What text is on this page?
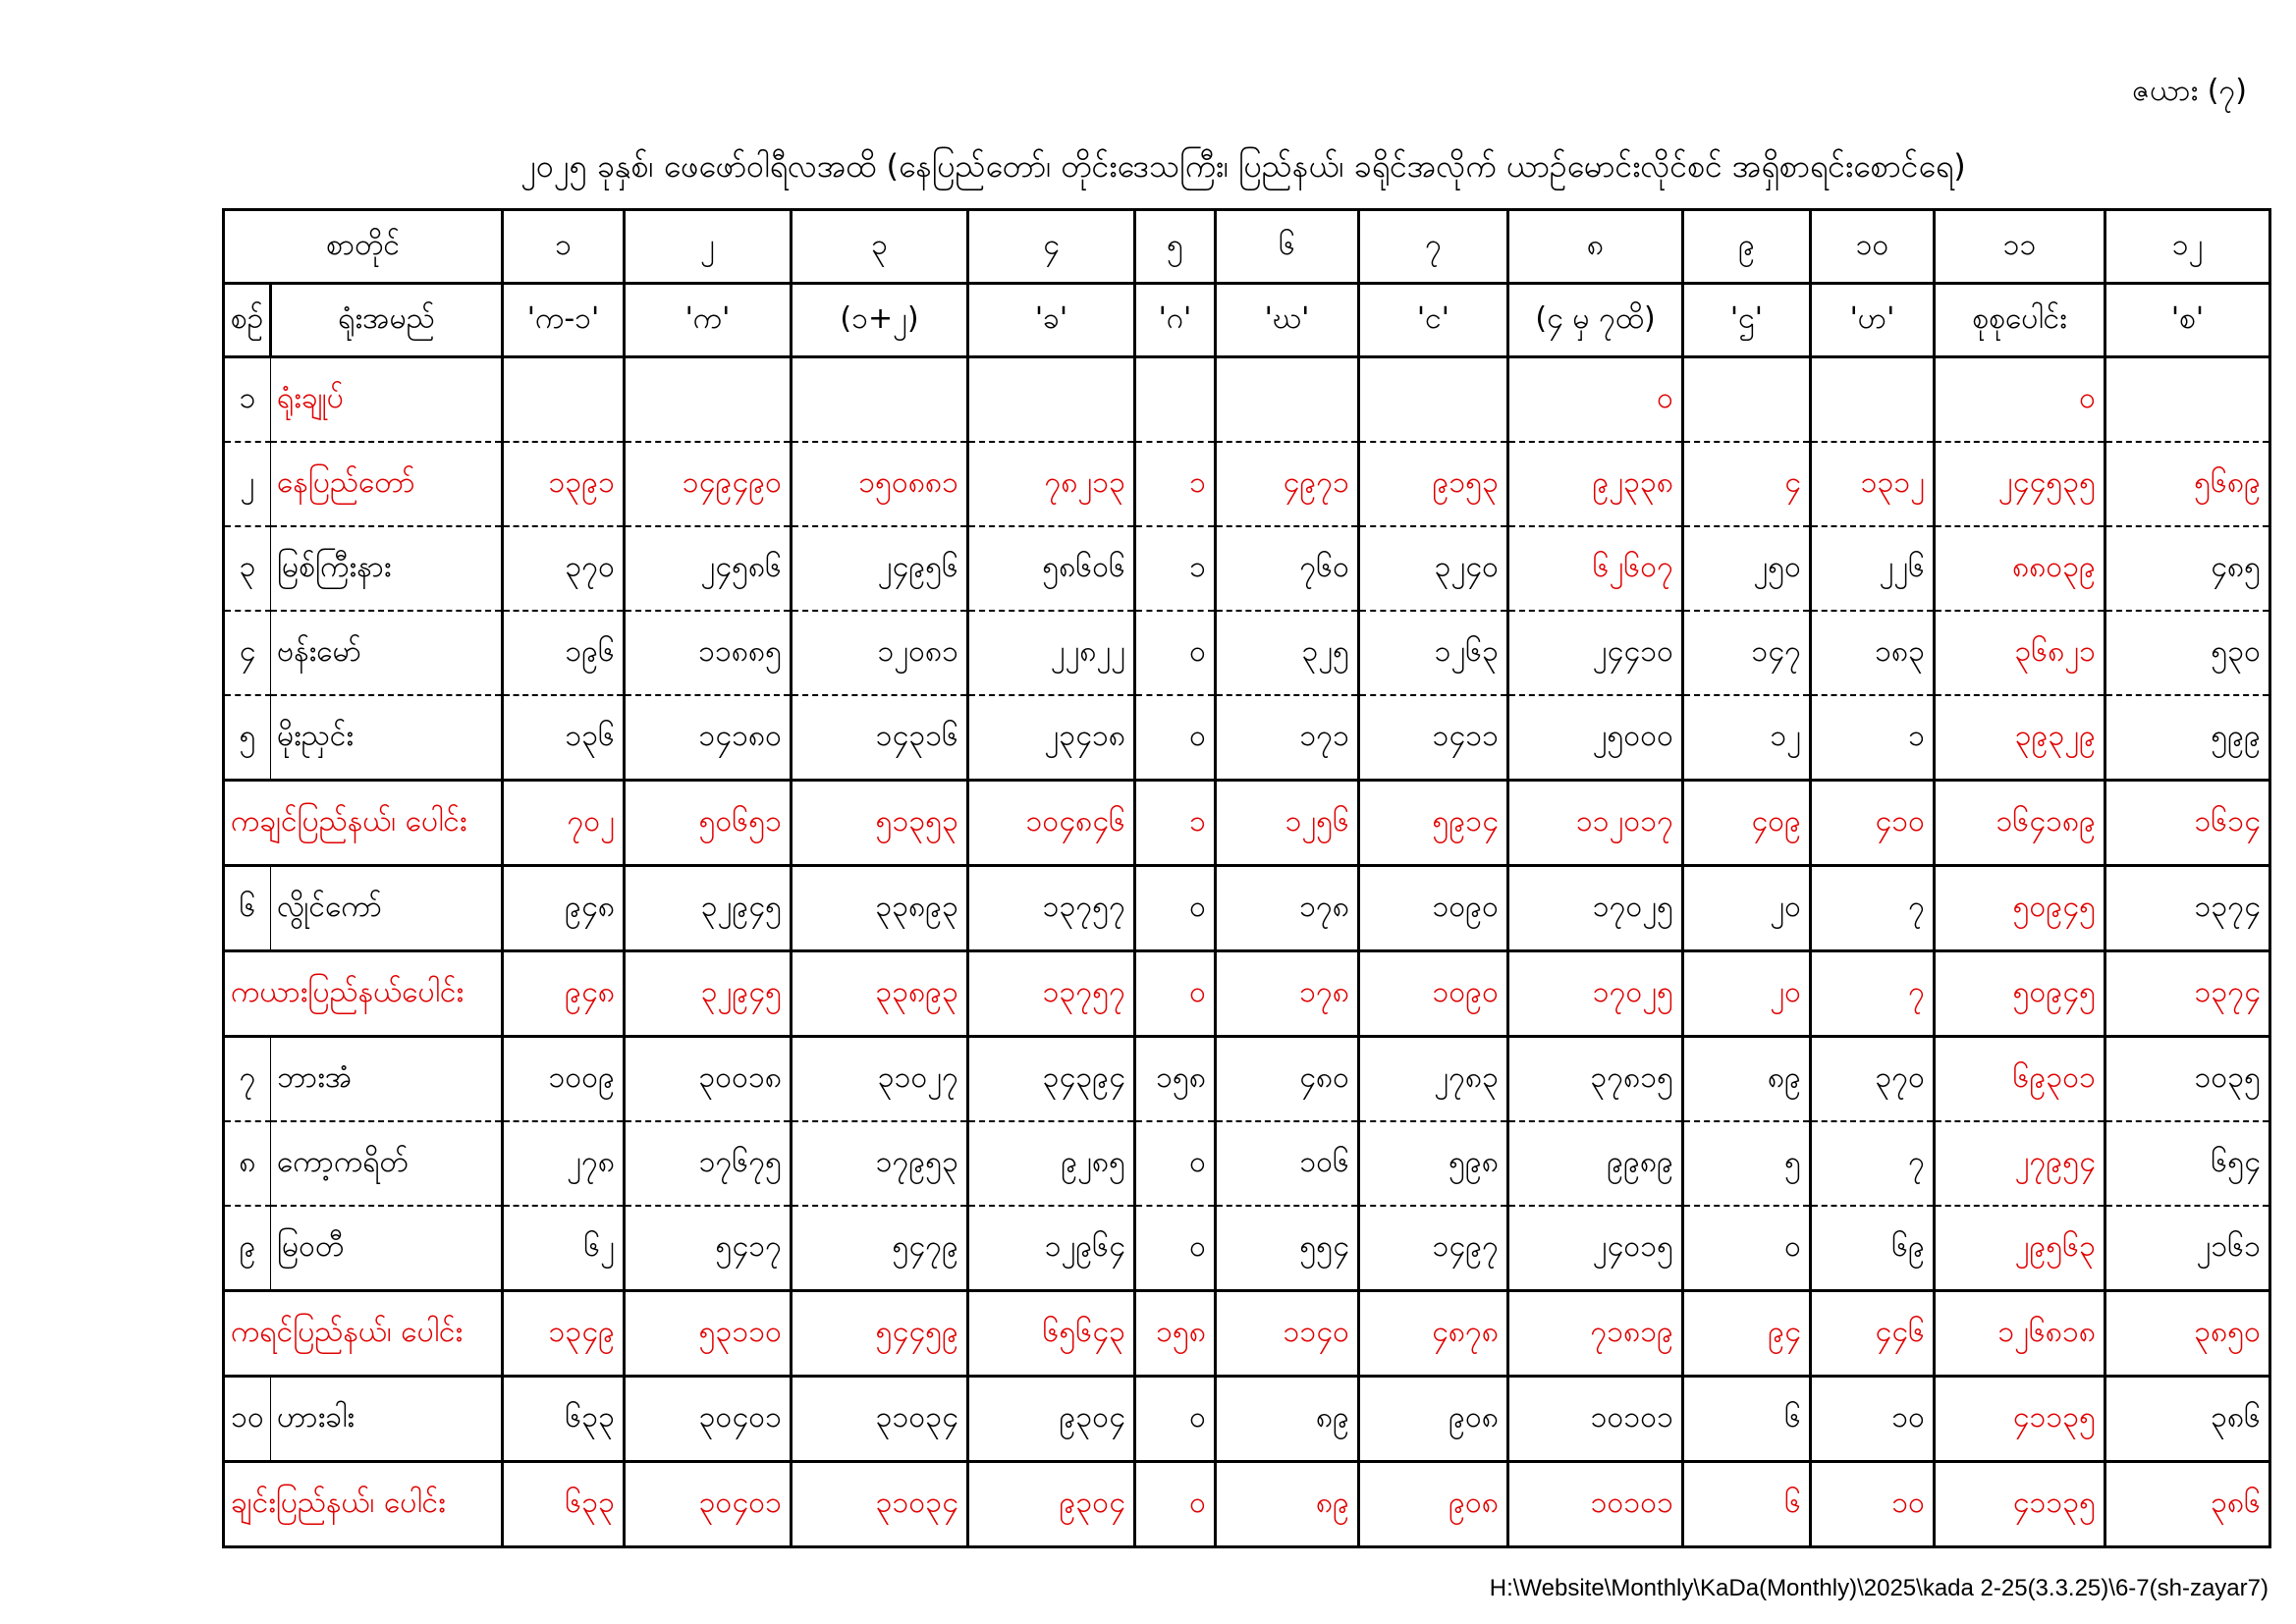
ဇယား (၇)
၂၀၂၅ ခုနှစ်၊ ဖေဖော်ဝါရီလအထိ (နေပြည်တော်၊ တိုင်းဒေသကြီး၊ ပြည်နယ်၊ ခရိုင်အလိုက် ယာဉ်မောင်းလိုင်စင် အရှိစာရင်းစောင်ရေ)
စာတိုင်		၁	၂	၃	၄	၅	၆	၇	၈	၉	၁၀	၁၁	၁၂
စဉ်	ရုံးအမည်	'က-၁'	'က'	(၁+၂)	'ခ'	'ဂ'	'ဃ'	'င'	(၄ မှ ၇ထိ)	'ဌ'	'ဟ'	စုစုပေါင်း	'စ'
၁	ရုံးချုပ်								၀			၀	
၂	နေပြည်တော်	၁၃၉၁	၁၄၉၄၉၀	၁၅၀၈၈၁	၇၈၂၁၃	၁	၄၉၇၁	၉၁၅၃	၉၂၃၃၈	၄	၁၃၁၂	၂၄၄၅၃၅	၅၆၈၉
၃	မြစ်ကြီးနား	၃၇၀	၂၄၅၈၆	၂၄၉၅၆	၅၈၆၀၆	၁	၇၆၀	၃၂၄၀	၆၂၆၀၇	၂၅၀	၂၂၆	၈၈၀၃၉	၄၈၅
၄	ဗန်းမော်	၁၉၆	၁၁၈၈၅	၁၂၀၈၁	၂၂၈၂၂	၀	၃၂၅	၁၂၆၃	၂၄၄၁၀	၁၄၇	၁၈၃	၃၆၈၂၁	၅၃၀
၅	မိုးညှင်း	၁၃၆	၁၄၁၈၀	၁၄၃၁၆	၂၃၄၁၈	၀	၁၇၁	၁၄၁၁	၂၅၀၀၀	၁၂	၁	၃၉၃၂၉	၅၉၉
ကချင်ပြည်နယ်၊ ပေါင်း		၇၀၂	၅၀၆၅၁	၅၁၃၅၃	၁၀၄၈၄၆	၁	၁၂၅၆	၅၉၁၄	၁၁၂၀၁၇	၄၀၉	၄၁၀	၁၆၄၁၈၉	၁၆၁၄
၆	လွိုင်ကော်	၉၄၈	၃၂၉၄၅	၃၃၈၉၃	၁၃၇၅၇	၀	၁၇၈	၁၀၉၀	၁၇၀၂၅	၂၀	၇	၅၀၉၄၅	၁၃၇၄
ကယားပြည်နယ်ပေါင်း		၉၄၈	၃၂၉၄၅	၃၃၈၉၃	၁၃၇၅၇	၀	၁၇၈	၁၀၉၀	၁၇၀၂၅	၂၀	၇	၅၀၉၄၅	၁၃၇၄
၇	ဘားအံ	၁၀၀၉	၃၀၀၁၈	၃၁၀၂၇	၃၄၃၉၄	၁၅၈	၄၈၀	၂၇၈၃	၃၇၈၁၅	၈၉	၃၇၀	၆၉၃၀၁	၁၀၃၅
၈	ကော့ကရိတ်	၂၇၈	၁၇၆၇၅	၁၇၉၅၃	၉၂၈၅	၀	၁၀၆	၅၉၈	၉၉၈၉	၅	၇	၂၇၉၅၄	၆၅၄
၉	မြဝတီ	၆၂	၅၄၁၇	၅၄၇၉	၁၂၉၆၄	၀	၅၅၄	၁၄၉၇	၂၄၀၁၅	၀	၆၉	၂၉၅၆၃	၂၁၆၁
ကရင်ပြည်နယ်၊ ပေါင်း		၁၃၄၉	၅၃၁၁၀	၅၄၄၅၉	၆၅၆၄၃	၁၅၈	၁၁၄၀	၄၈၇၈	၇၁၈၁၉	၉၄	၄၄၆	၁၂၆၈၁၈	၃၈၅၀
၁၀	ဟားခါး	၆၃၃	၃၀၄၀၁	၃၁၀၃၄	၉၃၀၄	၀	၈၉	၉၀၈	၁၀၁၀၁	၆	၁၀	၄၁၁၃၅	၃၈၆
ချင်းပြည်နယ်၊ ပေါင်း		၆၃၃	၃၀၄၀၁	၃၁၀၃၄	၉၃၀၄	၀	၈၉	၉၀၈	၁၀၁၀၁	၆	၁၀	၄၁၁၃၅	၃၈၆
H:\Website\Monthly\KaDa(Monthly)\2025\kada 2-25(3.3.25)\6-7(sh-zayar7)
